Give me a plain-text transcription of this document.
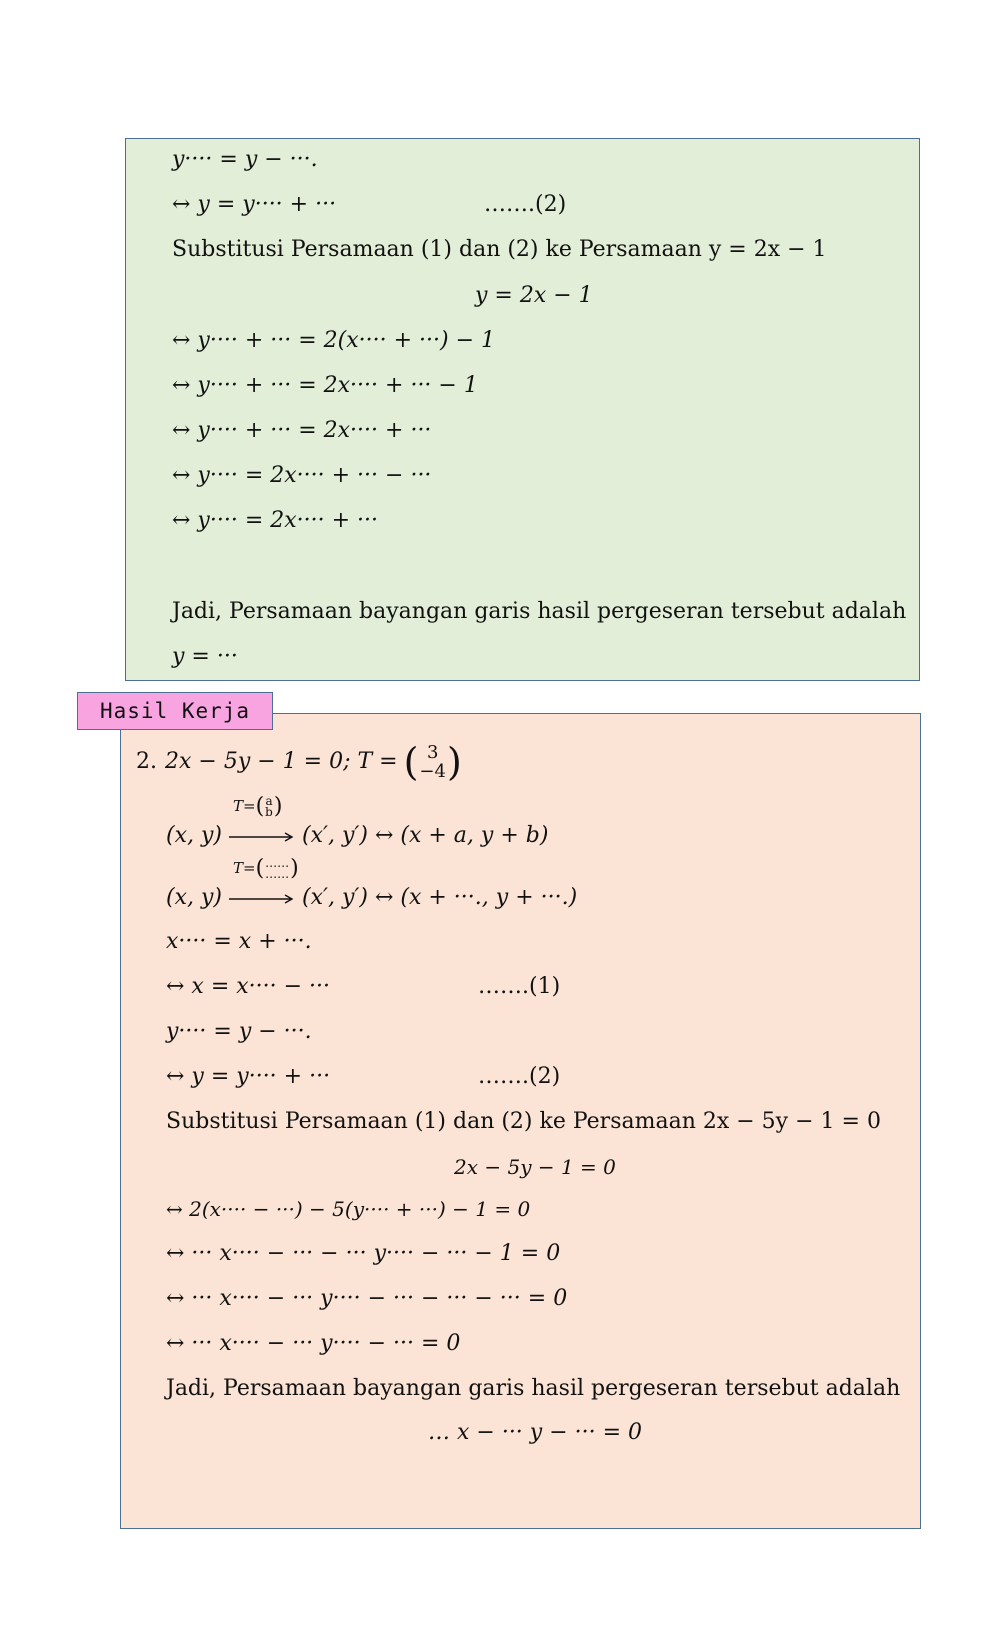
y···· = y − ···.
↔ y = y···· + ···	…….(2)
Substitusi Persamaan (1) dan (2) ke Persamaan y = 2x − 1
y = 2x − 1
↔ y···· + ··· = 2(x···· + ···) − 1
↔ y···· + ··· = 2x···· + ··· − 1
↔ y···· + ··· = 2x···· + ···
↔ y···· = 2x···· + ··· − ···
↔ y···· = 2x···· + ···
Jadi, Persamaan bayangan garis hasil pergeseran tersebut adalah
y = ···
Hasil Kerja
2. 2x − 5y − 1 = 0; T = ( 3
−4 )
(x, y)
T= ( a
b )
(x′, y′) ↔ (x + a, y + b)
(x, y)
T= ( ……
…… )
(x′, y′) ↔ (x + ···., y + ···.)
x···· = x + ···.
↔ x = x···· − ···	…….(1)
y···· = y − ···.
↔ y = y···· + ···	…….(2)
Substitusi Persamaan (1) dan (2) ke Persamaan 2x − 5y − 1 = 0
2x − 5y − 1 = 0
↔ 2(x···· − ···) − 5(y···· + ···) − 1 = 0
↔ ··· x···· − ··· − ··· y···· − ··· − 1 = 0
↔ ··· x···· − ··· y···· − ··· − ··· − ··· = 0
↔ ··· x···· − ··· y···· − ··· = 0
Jadi, Persamaan bayangan garis hasil pergeseran tersebut adalah
… x − ··· y − ··· = 0
